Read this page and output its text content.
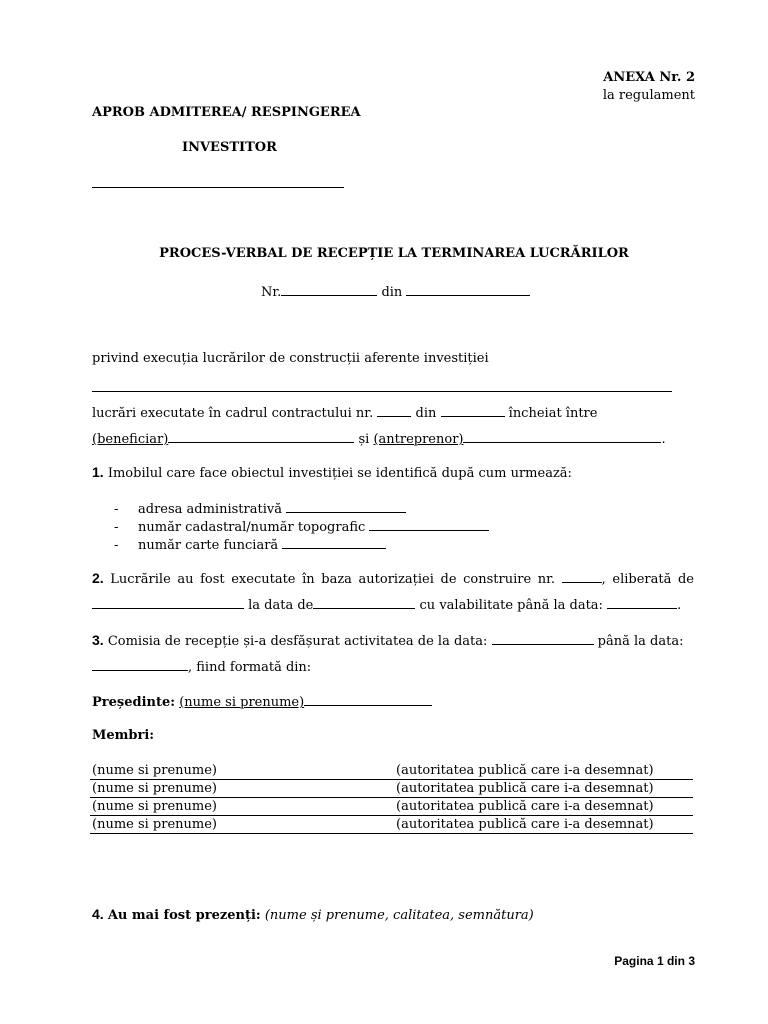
ANEXA Nr. 2
la regulament
APROB ADMITEREA/ RESPINGEREA
INVESTITOR
PROCES-VERBAL DE RECEPȚIE LA TERMINAREA LUCRĂRILOR
Nr.	din
privind execuția lucrărilor de construcții aferente investiției
lucrări executate în cadrul contractului nr.	din	încheiat între
(beneficiar)	și (antreprenor)	.
1. Imobilul care face obiectul investiției se identifică după cum urmează:
- adresa administrativă
- număr cadastral/număr topografic
- număr carte funciară
2. Lucrările au fost executate în baza autorizației de construire nr.	, eliberată de
la data de	cu valabilitate până la data:	.
3. Comisia de recepție și-a desfășurat activitatea de la data:	până la data:
, fiind formată din:
Președinte: (nume si prenume)
Membri:
(nume si prenume)	(autoritatea publică care i-a desemnat)
(nume si prenume)	(autoritatea publică care i-a desemnat)
(nume si prenume)	(autoritatea publică care i-a desemnat)
(nume si prenume)	(autoritatea publică care i-a desemnat)
4. Au mai fost prezenți: (nume și prenume, calitatea, semnătura)
Pagina 1 din 3
